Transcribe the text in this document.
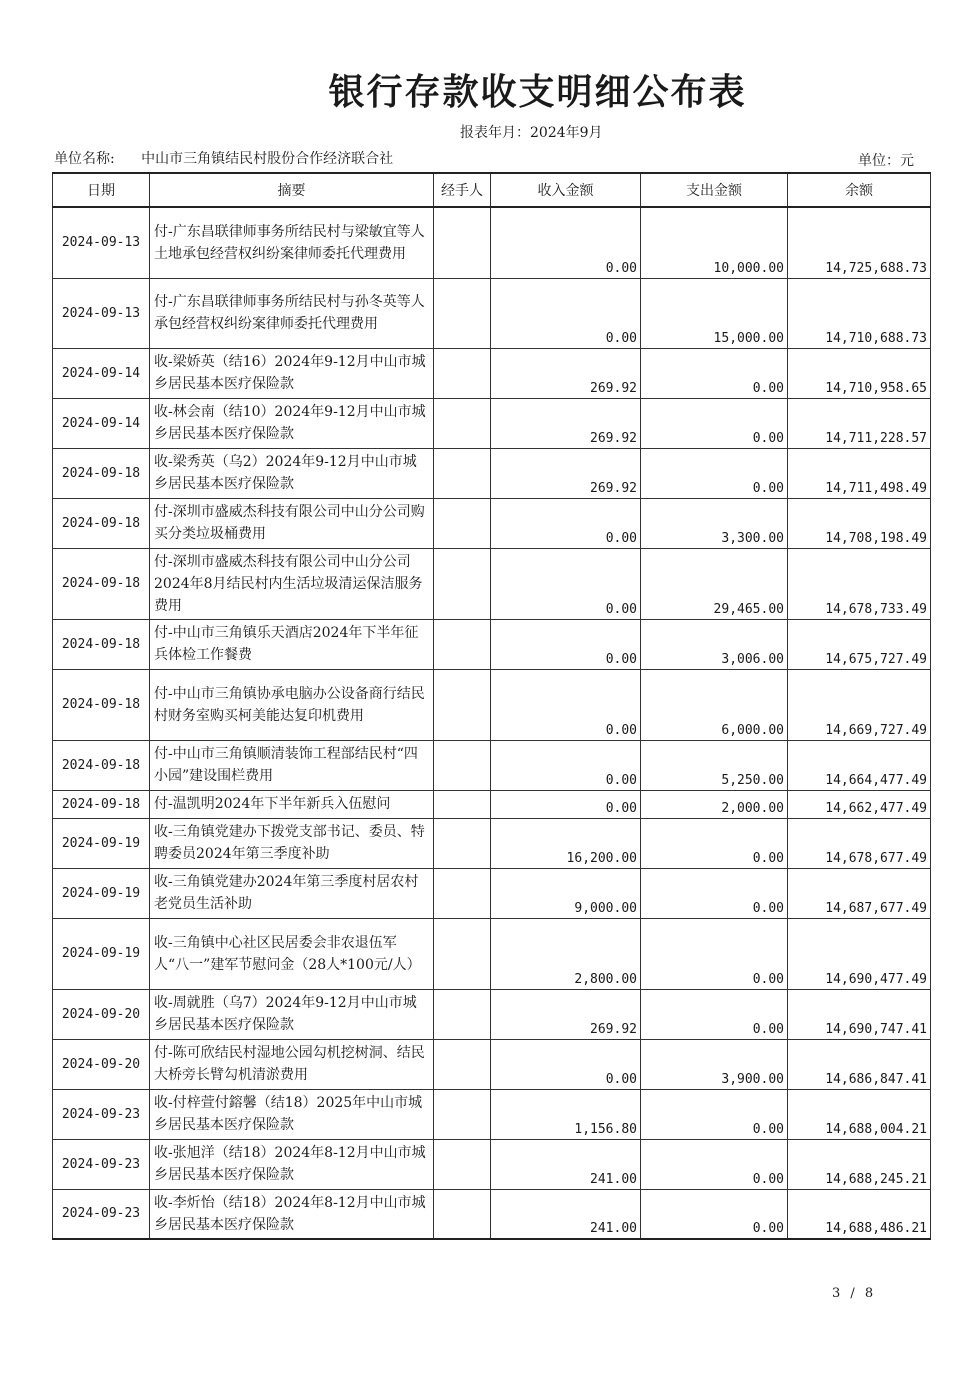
银行存款收支明细公布表
报表年月：2024年9月
单位名称: 中山市三角镇结民村股份合作经济联合社	单位：元
日期	摘要	经手人	收入金额	支出金额	余额
2024-09-13	付-广东昌联律师事务所结民村与梁敏宜等人土地承包经营权纠纷案律师委托代理费用		0.00	10,000.00	14,725,688.73
2024-09-13	付-广东昌联律师事务所结民村与孙冬英等人承包经营权纠纷案律师委托代理费用		0.00	15,000.00	14,710,688.73
2024-09-14	收-梁娇英（结16）2024年9-12月中山市城乡居民基本医疗保险款		269.92	0.00	14,710,958.65
2024-09-14	收-林会南（结10）2024年9-12月中山市城乡居民基本医疗保险款		269.92	0.00	14,711,228.57
2024-09-18	收-梁秀英（乌2）2024年9-12月中山市城乡居民基本医疗保险款		269.92	0.00	14,711,498.49
2024-09-18	付-深圳市盛威杰科技有限公司中山分公司购买分类垃圾桶费用		0.00	3,300.00	14,708,198.49
2024-09-18	付-深圳市盛威杰科技有限公司中山分公司2024年8月结民村内生活垃圾清运保洁服务费用		0.00	29,465.00	14,678,733.49
2024-09-18	付-中山市三角镇乐天酒店2024年下半年征兵体检工作餐费		0.00	3,006.00	14,675,727.49
2024-09-18	付-中山市三角镇协承电脑办公设备商行结民村财务室购买柯美能达复印机费用		0.00	6,000.00	14,669,727.49
2024-09-18	付-中山市三角镇顺清装饰工程部结民村“四小园”建设围栏费用		0.00	5,250.00	14,664,477.49
2024-09-18	付-温凯明2024年下半年新兵入伍慰问		0.00	2,000.00	14,662,477.49
2024-09-19	收-三角镇党建办下拨党支部书记、委员、特聘委员2024年第三季度补助		16,200.00	0.00	14,678,677.49
2024-09-19	收-三角镇党建办2024年第三季度村居农村老党员生活补助		9,000.00	0.00	14,687,677.49
2024-09-19	收-三角镇中心社区民居委会非农退伍军人“八一”建军节慰问金（28人*100元/人）		2,800.00	0.00	14,690,477.49
2024-09-20	收-周就胜（乌7）2024年9-12月中山市城乡居民基本医疗保险款		269.92	0.00	14,690,747.41
2024-09-20	付-陈可欣结民村湿地公园勾机挖树洞、结民大桥旁长臂勾机清淤费用		0.00	3,900.00	14,686,847.41
2024-09-23	收-付梓萱付鎔馨（结18）2025年中山市城乡居民基本医疗保险款		1,156.80	0.00	14,688,004.21
2024-09-23	收-张旭洋（结18）2024年8-12月中山市城乡居民基本医疗保险款		241.00	0.00	14,688,245.21
2024-09-23	收-李炘怡（结18）2024年8-12月中山市城乡居民基本医疗保险款		241.00	0.00	14,688,486.21
3 / 8
